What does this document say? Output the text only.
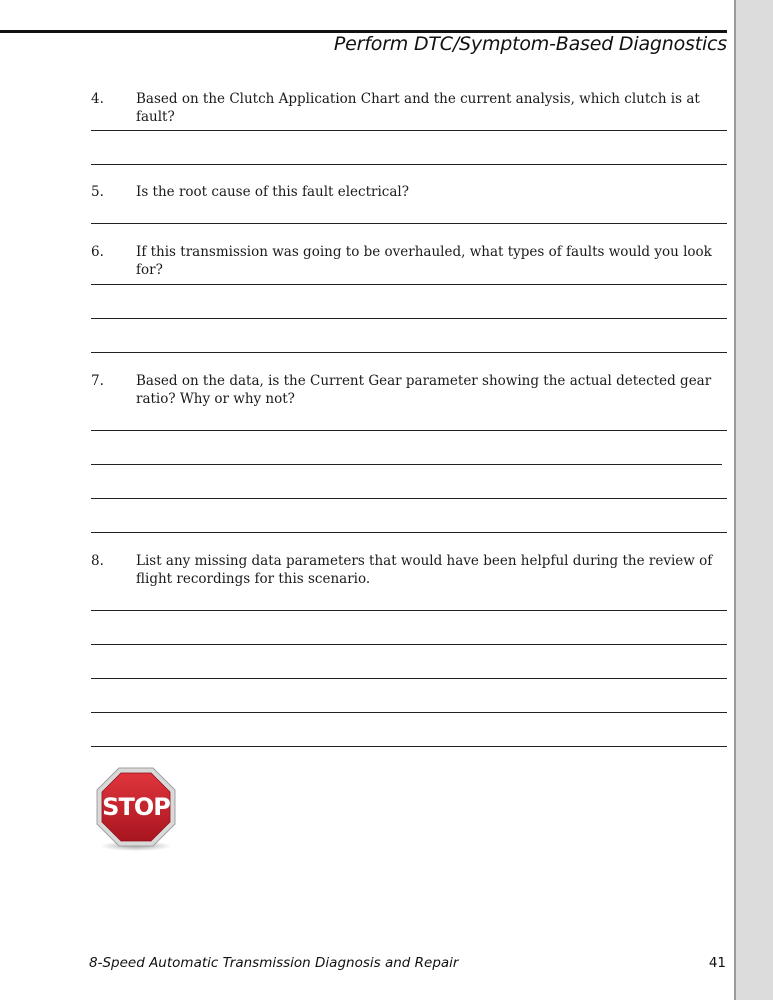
Perform DTC/Symptom-Based Diagnostics
4. Based on the Clutch Application Chart and the current analysis, which clutch is at fault?
5. Is the root cause of this fault electrical?
6. If this transmission was going to be overhauled, what types of faults would you look for?
7. Based on the data, is the Current Gear parameter showing the actual detected gear ratio? Why or why not?
8. List any missing data parameters that would have been helpful during the review of flight recordings for this scenario.
STOP
8-Speed Automatic Transmission Diagnosis and Repair	41
